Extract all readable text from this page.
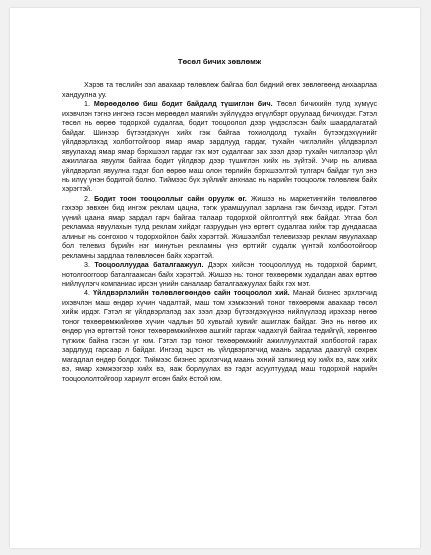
Төсөл бичих зөвлөмж

Хэрэв та төслийн ээл авахаар төлөвлөж байгаа бол бидний өгөх зөвлөгөөнд анхаарлаа хандуулна уу.

1. Мөрөөдөлөө биш бодит байдалд түшиглэн бич. Төсөл бичихийн тулд хүмүүс ихэвчлэн тэгнэ ингэнэ гэсэн мөрөөдөл маягийн зүйлүүдээ өгүүлбэрт оруулаад бичихүдэг. Гэтэл төсөл нь өөрөө тодорхой судалгаа, бодит тооцоолол дээр үндэслэсэн байх шаардлагатай байдаг. Шинээр бүтээгдэхүүн хийх гэж байгаа тохиолдолд тухайн бүтээгдэхүүнийг үйлдвэрлэхэд холбогтойгоор ямар ямар зардлууд гардаг, тухайн чиглэлийн үйлдвэрлэл явуулахад ямар ямар бэрхшээл гардаг гэх мэт судалгааг зах зээл дээр тухайн чиглэлээр үйл ажиллагаа явуулж байгаа бодит үйлдвэр дээр түшиглэн хийх нь зүйтэй. Учир нь аливаа үйлдвэрлэл явуулна гэдэг бол өөрөө маш олон төрлийн бэрхшээлтэй тулгарч байдаг тул энэ нь илүү үнэн бодитой болно. Тиймээс бүх зүйлийг анхнаас нь нарийн тооцоолж төлөвлөж байх хэрэгтэй.

2. Бодит тоон тооцооллыг сайн оруулж өг. Жишээ нь маркетингийн төлөвлөгөө гэхээр зөвхөн бид ингэж реклам цацна, тэгж урамшуулал зарлана гэж бичээд ирдэг. Гэтэл үүний цаана ямар зардал гарч байгаа талаар тодорхой ойлголттүй явж байдаг. Уггаа бол рекламаа явуулахын тулд реклам хийдэг газруудын үнэ өртөгт судалгаа хийж тэр дундаасаа алиныг нь сонгохоо ч тодорхойлон байх хэрэгтэй. Жишээлбэл телевизээр реклам явуулахаар бол телевиз бүрийн нэг минутын рекламны үнэ өртгийг судалж үүнтэй холбоотойгоор рекламны зардлаа төлөвлөсөн байх хэрэгтэй.

3. Тооцооллуудаа баталгаажуул. Дээрх хийсэн тооцооллууд нь тодорхой баримт, нотолгооггоор баталгаажсан байх хэрэгтэй. Жишээ нь: тоног төхөөрөмж худалдан авах өртгөө нийлүүлэгч компаниас ирсэн үнийн саналаар баталгаажуулах байх гэх мэт.

4. Үйлдвэрлэлийн төлөвлөгөөндөө сайн тооцоолол хий. Манай бизнес эрхлэгчид ихэвчлэн маш өндөр хүчин чадалтай, маш том хэмжээний тоног төхөөрөмж авахаар төсөл хийж ирдэг. Гэтэл яг үйлдвэрлэлэд зах зээл дээр бүтээгдэхүүнээ нийлүүлээд ирэхээр нөгөө тоног төхөөрөмжийнхөө хүчин чадлын 50 хувьтай хувийг ашиглаж байдаг. Энэ нь нөгөө их өндөр үнэ өртөгтэй тоног төхөөрөмжийнхөө ашгийг гаргаж чадахгүй байгаа тедийгүй, хөрөнгөө түгжиж байна гэсэн үг юм. Гэтэл тэр тоног төхөөрөмжийг ажиллуулахтай холбоотой гарах зардлууд гарсаар л байдаг. Ингээд эцэст нь үйлдвэрлэгчид маань зардлаа даахгүй сөхрөх магадлал өндөр болдог. Тиймээс бизнес эрхлэгчид маань эхний зэлжинд юу хийх вэ, яаж хийх вэ, ямар хэмжээгээр хийх вэ, яаж борлуулах вэ гэдэг асуултуудад маш тодорхой нарийн тооцоололтойгоор хариулт өгсөн байх ёстой юм.
